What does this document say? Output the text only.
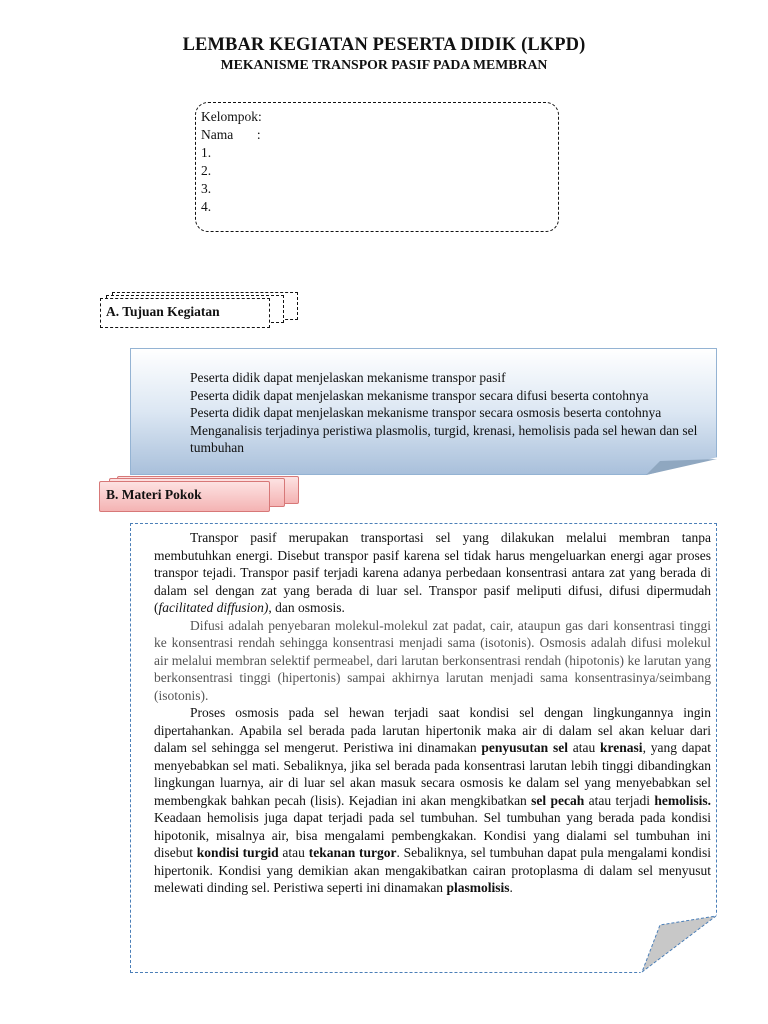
LEMBAR KEGIATAN PESERTA DIDIK (LKPD)
MEKANISME TRANSPOR PASIF PADA MEMBRAN
Kelompok:
Nama       :
1.
2.
3.
4.
A. Tujuan Kegiatan
Peserta didik dapat menjelaskan mekanisme transpor pasif
Peserta didik dapat menjelaskan mekanisme transpor secara difusi beserta contohnya
Peserta didik dapat menjelaskan mekanisme transpor secara osmosis beserta contohnya
Menganalisis terjadinya peristiwa plasmolis, turgid, krenasi, hemolisis pada sel hewan dan sel tumbuhan
B. Materi Pokok

Transpor pasif merupakan transportasi sel yang dilakukan melalui membran tanpa membutuhkan energi. Disebut transpor pasif karena sel tidak harus mengeluarkan energi agar proses transpor tejadi. Transpor pasif terjadi karena adanya perbedaan konsentrasi antara zat yang berada di dalam sel dengan zat yang berada di luar sel. Transpor pasif meliputi difusi, difusi dipermudah (facilitated diffusion), dan osmosis.

Difusi adalah penyebaran molekul-molekul zat padat, cair, ataupun gas dari konsentrasi tinggi ke konsentrasi rendah sehingga konsentrasi menjadi sama (isotonis). Osmosis adalah difusi molekul air melalui membran selektif permeabel, dari larutan berkonsentrasi rendah (hipotonis) ke larutan yang berkonsentrasi tinggi (hipertonis) sampai akhirnya larutan menjadi sama konsentrasinya/seimbang (isotonis).

Proses osmosis pada sel hewan terjadi saat kondisi sel dengan lingkungannya ingin dipertahankan. Apabila sel berada pada larutan hipertonik maka air di dalam sel akan keluar dari dalam sel sehingga sel mengerut. Peristiwa ini dinamakan penyusutan sel atau krenasi, yang dapat menyebabkan sel mati. Sebaliknya, jika sel berada pada konsentrasi larutan lebih tinggi dibandingkan lingkungan luarnya, air di luar sel akan masuk secara osmosis ke dalam sel yang menyebabkan sel membengkak bahkan pecah (lisis). Kejadian ini akan mengkibatkan sel pecah atau terjadi hemolisis. Keadaan hemolisis juga dapat terjadi pada sel tumbuhan. Sel tumbuhan yang berada pada kondisi hipotonik, misalnya air, bisa mengalami pembengkakan. Kondisi yang dialami sel tumbuhan ini disebut kondisi turgid atau tekanan turgor. Sebaliknya, sel tumbuhan dapat pula mengalami kondisi hipertonik. Kondisi yang demikian akan mengakibatkan cairan protoplasma di dalam sel menyusut melewati dinding sel. Peristiwa seperti ini dinamakan plasmolisis.
